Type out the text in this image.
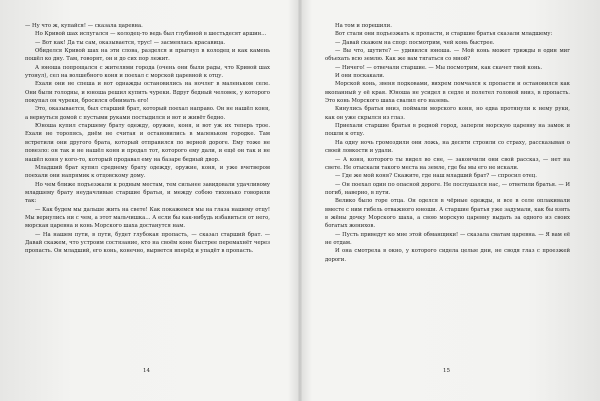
— Ну что ж, купайся! — сказала царевна.

Но Кривой шах испугался — колодец-то ведь был глубиной в шестьдесят аршин…

— Вот как! Да ты сам, оказывается, трус! — засмеялась красавица.

Обиделся Кривой шах на эти слова, разделся и прыгнул в колодец и как камень пошёл ко дну. Там, говорят, он и до сих пор лежит.

А юноша попрощался с жителями города (очень они были рады, что Кривой шах утонул), сел на волшебного коня и поехал с морской царевной к отцу.

Ехали они не спеша и вот однажды остановились на ночлег в маленьком селе. Они были голодны, и юноша решил купить чуреки. Вдруг бедный человек, у которого покупал он чуреки, бросился обнимать его!

Это, оказывается, был старший брат, который поехал направо. Он не нашёл коня, а вернуться домой с пустыми руками постыдился и вот и живёт бедно.

Юноша купил старшему брату одежду, оружие, коня, и вот уж их теперь трое. Ехали не торопясь, днём не считая и остановились в маленьком городке. Там встретили они другого брата, который отправился по верной дороге. Ему тоже не повезло: он так и не нашёл коня и продал тот, которого ему дали, и ещё он так и не нашёл коня у кого-то, который продавал ему на базаре бедный двор.

Младший брат купил среднему брату одежду, оружие, коня, и уже вчетвером поехали они напрямик к отцовскому дому.

Но чем ближе подъезжали к родным местам, тем сильнее завидовали удачливому младшему брату неудачливые старшие братья, и между собою тихонько говорили так:

— Как будем мы дальше жить на свете! Как покажемся мы на глаза нашему отцу! Мы вернулись ни с чем, а этот мальчишка… А если бы как-нибудь избавиться от него, морская царевна и конь Морского шаха достанутся нам.

— На нашем пути, в пути, будет глубокая пропасть, — сказал старший брат. — Давай скажем, что устроим состязание, кто на своём коне быстрее перемахнёт через пропасть. Он младший, его конь, конечно, вырвется вперёд и упадёт в пропасть.

14

На том и порешили.

Вот стали они подъезжать к пропасти, и старшие братья сказали младшему:

— Давай скажем на спор: посмотрим, чей конь быстрее.

— Вы что, шутите? — удивился юноша. — Мой конь может трижды в один миг объехать всю землю. Как же вам тягаться со мной?

— Ничего! — отвечали старшие. — Мы посмотрим, как скачет твой конь.

И они поскакали.

Морской конь, звеня подковами, вихрем помчался к пропасти и остановился как вкопанный у её края. Юноша не усидел в седле и полетел головой вниз, в пропасть. Это конь Морского шаха свалил его наземь.

Кинулись братья вниз, поймали морского коня, но едва протянули к нему руки, как он уже скрылся из глаз.

Приехали старшие братья в родной город, заперли морскую царевну на замок и пошли к отцу.

На одну ночь громоздили они ложь, на десяти строили со страху, рассказывая о своей ловкости и удали.

— А коня, которого ты видел во сне, — закончили они свой рассказ, — нет на свете. Не отыскали такого места на земле, где бы мы его не искали.

— Где же мой коня? Скажите, где наш младший брат? — спросил отец.

— Он поехал один по опасной дороге. Не послушался нас, — ответили братья. — И погиб, наверно, в пути.

Велико было горе отца. Он оделся в чёрные одежды, и все в селе оплакивали вместе с ним гибель отважного юноши. А старшие братья уже задумали, как бы взять в жёны дочку Морского шаха, а свою морскую царевну выдать за одного из своих богатых женихов.

— Пусть приведут ко мне этой обманщики! — сказала сватам царевна. — Я вам её не отдам.

И она смотрела в окно, у которого сидела целые дни, не сводя глаз с проезжей дороги.

15
